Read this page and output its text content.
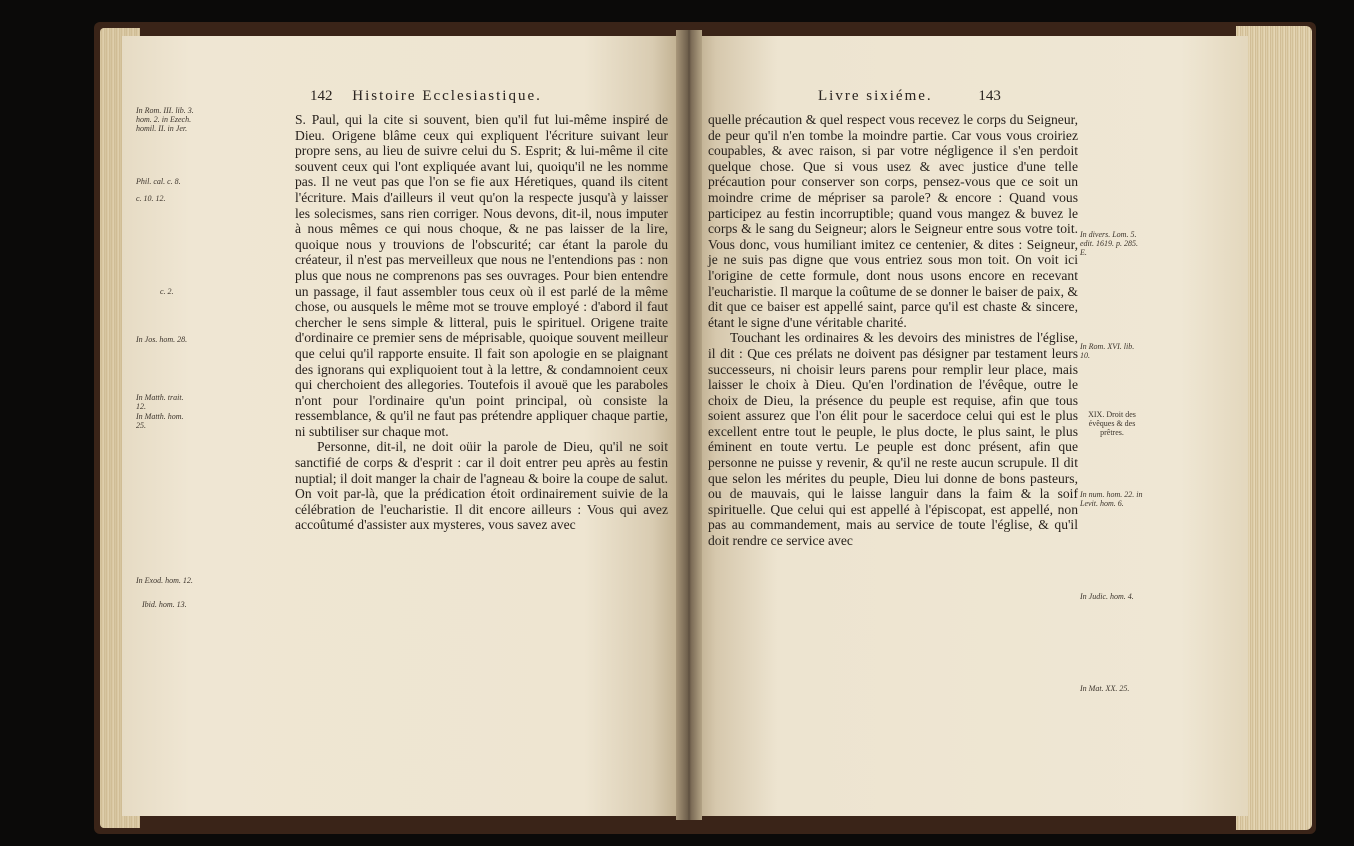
142 Histoire Ecclesiastique.
In Rom. III. lib. 3. hom. 2. in Ezech. homil. II. in Jer.
Phil. cal. c. 8.
c. 10. 12.
c. 2.
In Jos. hom. 28.
In Matth. trait. 12.
In Matth. hom. 25.
In Exod. hom. 12.
Ibid. hom. 13.

S. Paul, qui la cite si souvent, bien qu'il fut lui-même inspiré de Dieu. Origene blâme ceux qui expliquent l'écriture suivant leur propre sens, au lieu de suivre celui du S. Esprit; & lui-même il cite souvent ceux qui l'ont expliquée avant lui, quoiqu'il ne les nomme pas. Il ne veut pas que l'on se fie aux Héretiques, quand ils citent l'écriture. Mais d'ailleurs il veut qu'on la respecte jusqu'à y laisser les solecismes, sans rien corriger. Nous devons, dit-il, nous imputer à nous mêmes ce qui nous choque, & ne pas laisser de la lire, quoique nous y trouvions de l'obscurité; car étant la parole du créateur, il n'est pas merveilleux que nous ne l'entendions pas : non plus que nous ne comprenons pas ses ouvrages. Pour bien entendre un passage, il faut assembler tous ceux où il est parlé de la même chose, ou ausquels le même mot se trouve employé : d'abord il faut chercher le sens simple & litteral, puis le spirituel. Origene traite d'ordinaire ce premier sens de méprisable, quoique souvent meilleur que celui qu'il rapporte ensuite. Il fait son apologie en se plaignant des ignorans qui expliquoient tout à la lettre, & condamnoient ceux qui cherchoient des allegories. Toutefois il avouë que les paraboles n'ont pour l'ordinaire qu'un point principal, où consiste la ressemblance, & qu'il ne faut pas prétendre appliquer chaque partie, ni subtiliser sur chaque mot.

Personne, dit-il, ne doit oüir la parole de Dieu, qu'il ne soit sanctifié de corps & d'esprit : car il doit entrer peu après au festin nuptial; il doit manger la chair de l'agneau & boire la coupe de salut. On voit par-là, que la prédication étoit ordinairement suivie de la célébration de l'eucharistie. Il dit encore ailleurs : Vous qui avez accoûtumé d'assister aux mysteres, vous savez avec

Livre sixiéme.	143

quelle précaution & quel respect vous recevez le corps du Seigneur, de peur qu'il n'en tombe la moindre partie. Car vous vous croiriez coupables, & avec raison, si par votre négligence il s'en perdoit quelque chose. Que si vous usez & avec justice d'une telle précaution pour conserver son corps, pensez-vous que ce soit un moindre crime de mépriser sa parole? & encore : Quand vous participez au festin incorruptible; quand vous mangez & buvez le corps & le sang du Seigneur; alors le Seigneur entre sous votre toit. Vous donc, vous humiliant imitez ce centenier, & dites : Seigneur, je ne suis pas digne que vous entriez sous mon toit. On voit ici l'origine de cette formule, dont nous usons encore en recevant l'eucharistie. Il marque la coûtume de se donner le baiser de paix, & dit que ce baiser est appellé saint, parce qu'il est chaste & sincere, étant le signe d'une véritable charité.

Touchant les ordinaires & les devoirs des ministres de l'église, il dit : Que ces prélats ne doivent pas désigner par testament leurs successeurs, ni choisir leurs parens pour remplir leur place, mais laisser le choix à Dieu. Qu'en l'ordination de l'évêque, outre le choix de Dieu, la présence du peuple est requise, afin que tous soient assurez que l'on élit pour le sacerdoce celui qui est le plus excellent entre tout le peuple, le plus docte, le plus saint, le plus éminent en toute vertu. Le peuple est donc présent, afin que personne ne puisse y revenir, & qu'il ne reste aucun scrupule. Il dit que selon les mérites du peuple, Dieu lui donne de bons pasteurs, ou de mauvais, qui le laisse languir dans la faim & la soif spirituelle. Que celui qui est appellé à l'épiscopat, est appellé, non pas au commandement, mais au service de toute l'église, & qu'il doit rendre ce service avec

In divers. Lom. 5. edit. 1619. p. 285. E.
In Rom. XVI. lib. 10.
XIX. Droit des évêques & des prêtres.
In num. hom. 22. in Levit. hom. 6.
In Judic. hom. 4.
In Mat. XX. 25.
